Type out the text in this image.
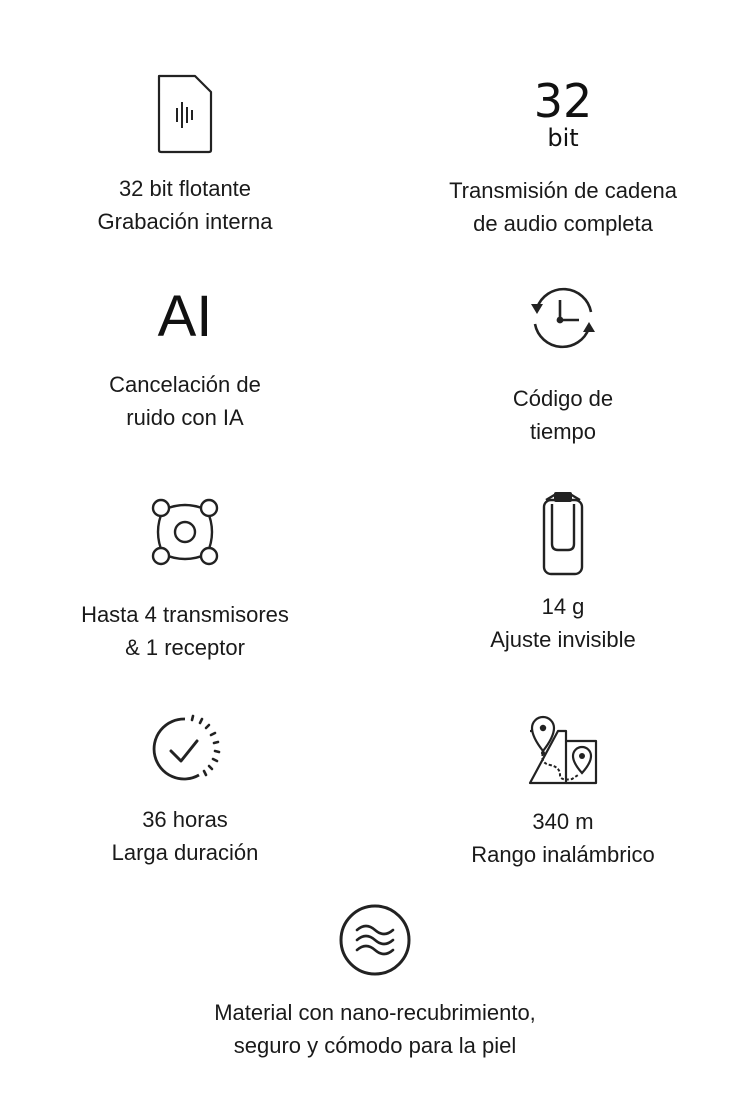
32 bit flotante

Grabación interna

32
bit

Transmisión de cadena

de audio completa

AI

Cancelación de

ruido con IA

Código de

tiempo

Hasta 4 transmisores

& 1 receptor

14 g

Ajuste invisible

36 horas

Larga duración

340 m

Rango inalámbrico

Material con nano-recubrimiento,

seguro y cómodo para la piel
